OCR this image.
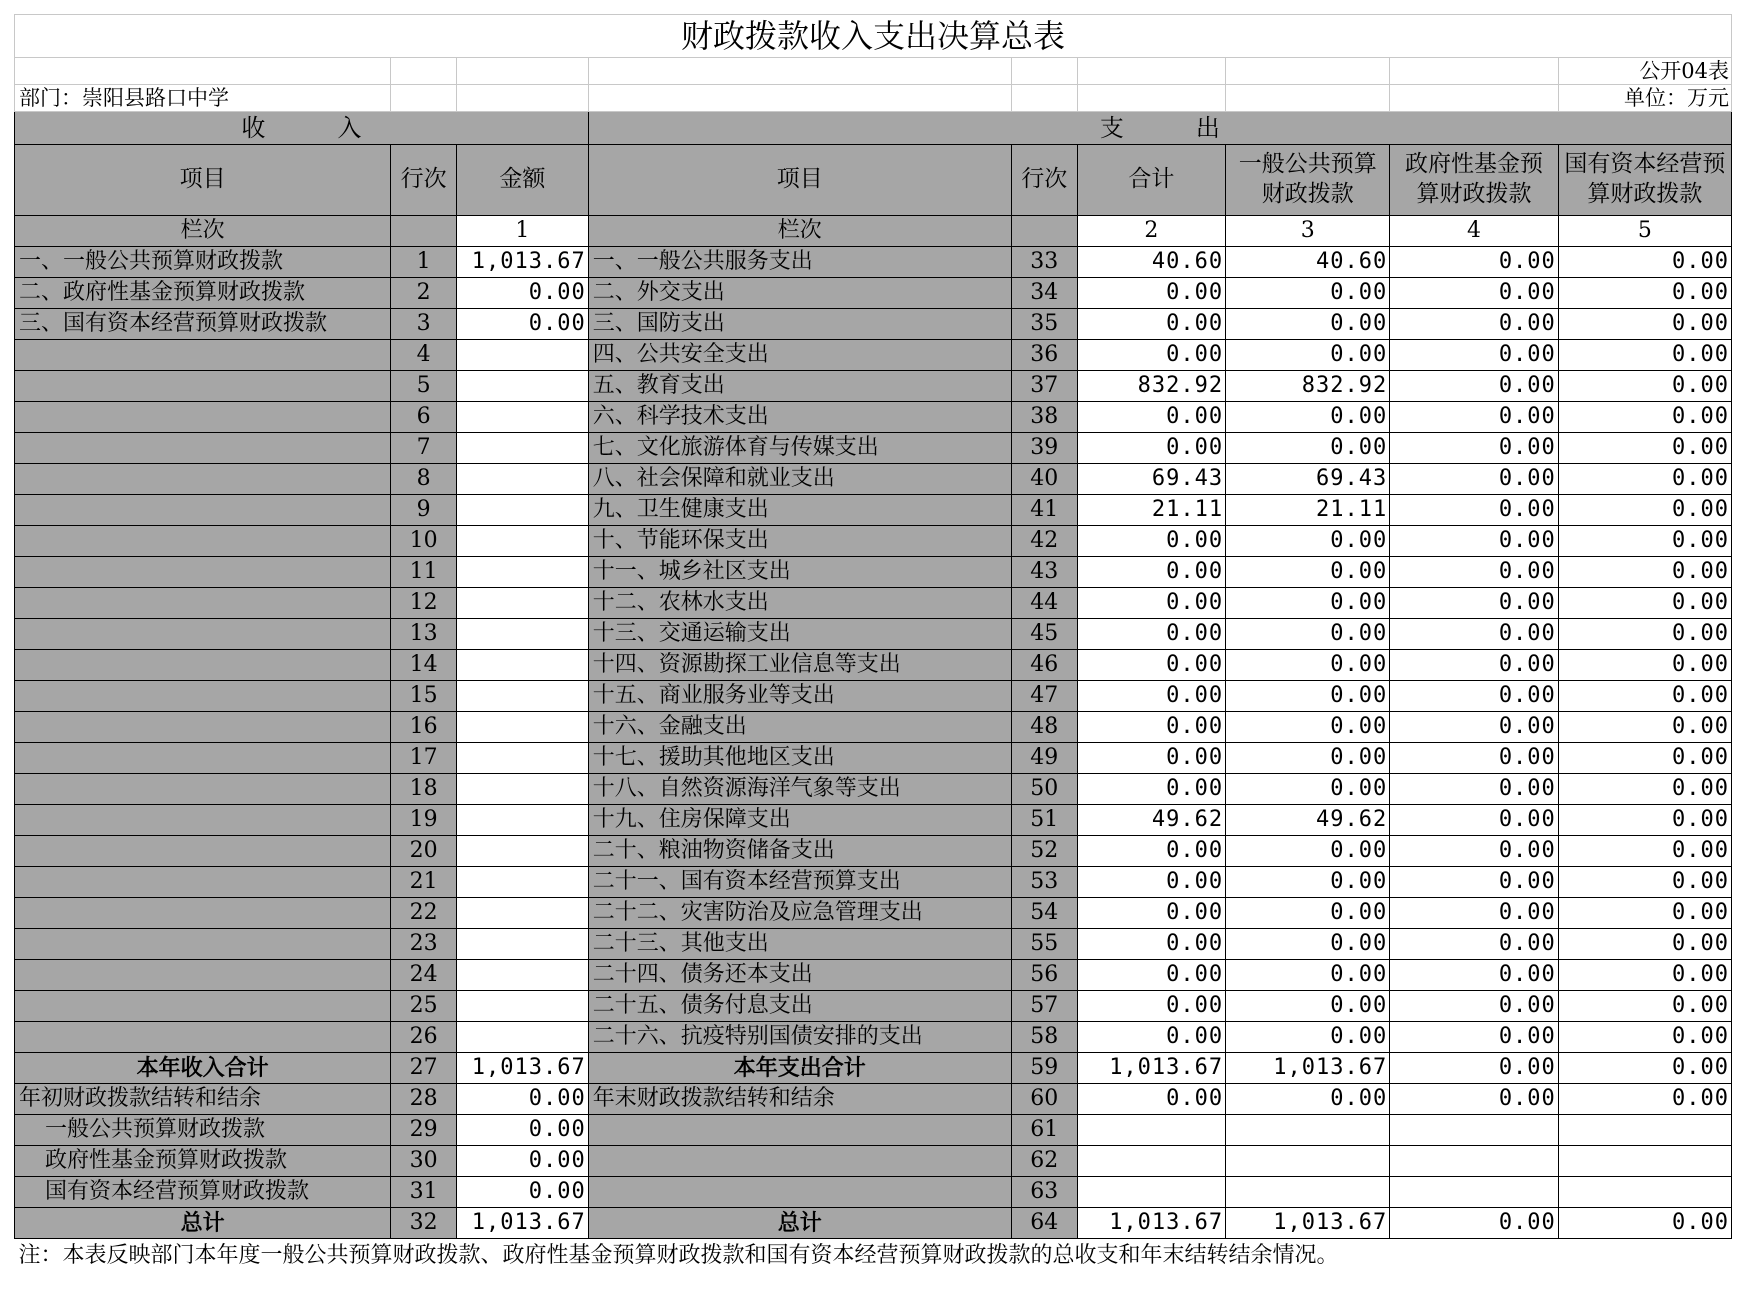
财政拨款收入支出决算总表								
								公开04表
部门：崇阳县路口中学								单位：万元
收　　　入			支　　　出					
项目	行次	金额	项目	行次	合计	一般公共预算财政拨款	政府性基金预算财政拨款	国有资本经营预算财政拨款
栏次		1	栏次		2	3	4	5
一、一般公共预算财政拨款	1	1,013.67	一、一般公共服务支出	33	40.60	40.60	0.00	0.00
二、政府性基金预算财政拨款	2	0.00	二、外交支出	34	0.00	0.00	0.00	0.00
三、国有资本经营预算财政拨款	3	0.00	三、国防支出	35	0.00	0.00	0.00	0.00
	4		四、公共安全支出	36	0.00	0.00	0.00	0.00
	5		五、教育支出	37	832.92	832.92	0.00	0.00
	6		六、科学技术支出	38	0.00	0.00	0.00	0.00
	7		七、文化旅游体育与传媒支出	39	0.00	0.00	0.00	0.00
	8		八、社会保障和就业支出	40	69.43	69.43	0.00	0.00
	9		九、卫生健康支出	41	21.11	21.11	0.00	0.00
	10		十、节能环保支出	42	0.00	0.00	0.00	0.00
	11		十一、城乡社区支出	43	0.00	0.00	0.00	0.00
	12		十二、农林水支出	44	0.00	0.00	0.00	0.00
	13		十三、交通运输支出	45	0.00	0.00	0.00	0.00
	14		十四、资源勘探工业信息等支出	46	0.00	0.00	0.00	0.00
	15		十五、商业服务业等支出	47	0.00	0.00	0.00	0.00
	16		十六、金融支出	48	0.00	0.00	0.00	0.00
	17		十七、援助其他地区支出	49	0.00	0.00	0.00	0.00
	18		十八、自然资源海洋气象等支出	50	0.00	0.00	0.00	0.00
	19		十九、住房保障支出	51	49.62	49.62	0.00	0.00
	20		二十、粮油物资储备支出	52	0.00	0.00	0.00	0.00
	21		二十一、国有资本经营预算支出	53	0.00	0.00	0.00	0.00
	22		二十二、灾害防治及应急管理支出	54	0.00	0.00	0.00	0.00
	23		二十三、其他支出	55	0.00	0.00	0.00	0.00
	24		二十四、债务还本支出	56	0.00	0.00	0.00	0.00
	25		二十五、债务付息支出	57	0.00	0.00	0.00	0.00
	26		二十六、抗疫特别国债安排的支出	58	0.00	0.00	0.00	0.00
本年收入合计	27	1,013.67	本年支出合计	59	1,013.67	1,013.67	0.00	0.00
年初财政拨款结转和结余	28	0.00	年末财政拨款结转和结余	60	0.00	0.00	0.00	0.00
一般公共预算财政拨款	29	0.00		61				
政府性基金预算财政拨款	30	0.00		62				
国有资本经营预算财政拨款	31	0.00		63				
总计	32	1,013.67	总计	64	1,013.67	1,013.67	0.00	0.00
注：本表反映部门本年度一般公共预算财政拨款、政府性基金预算财政拨款和国有资本经营预算财政拨款的总收支和年末结转结余情况。								
